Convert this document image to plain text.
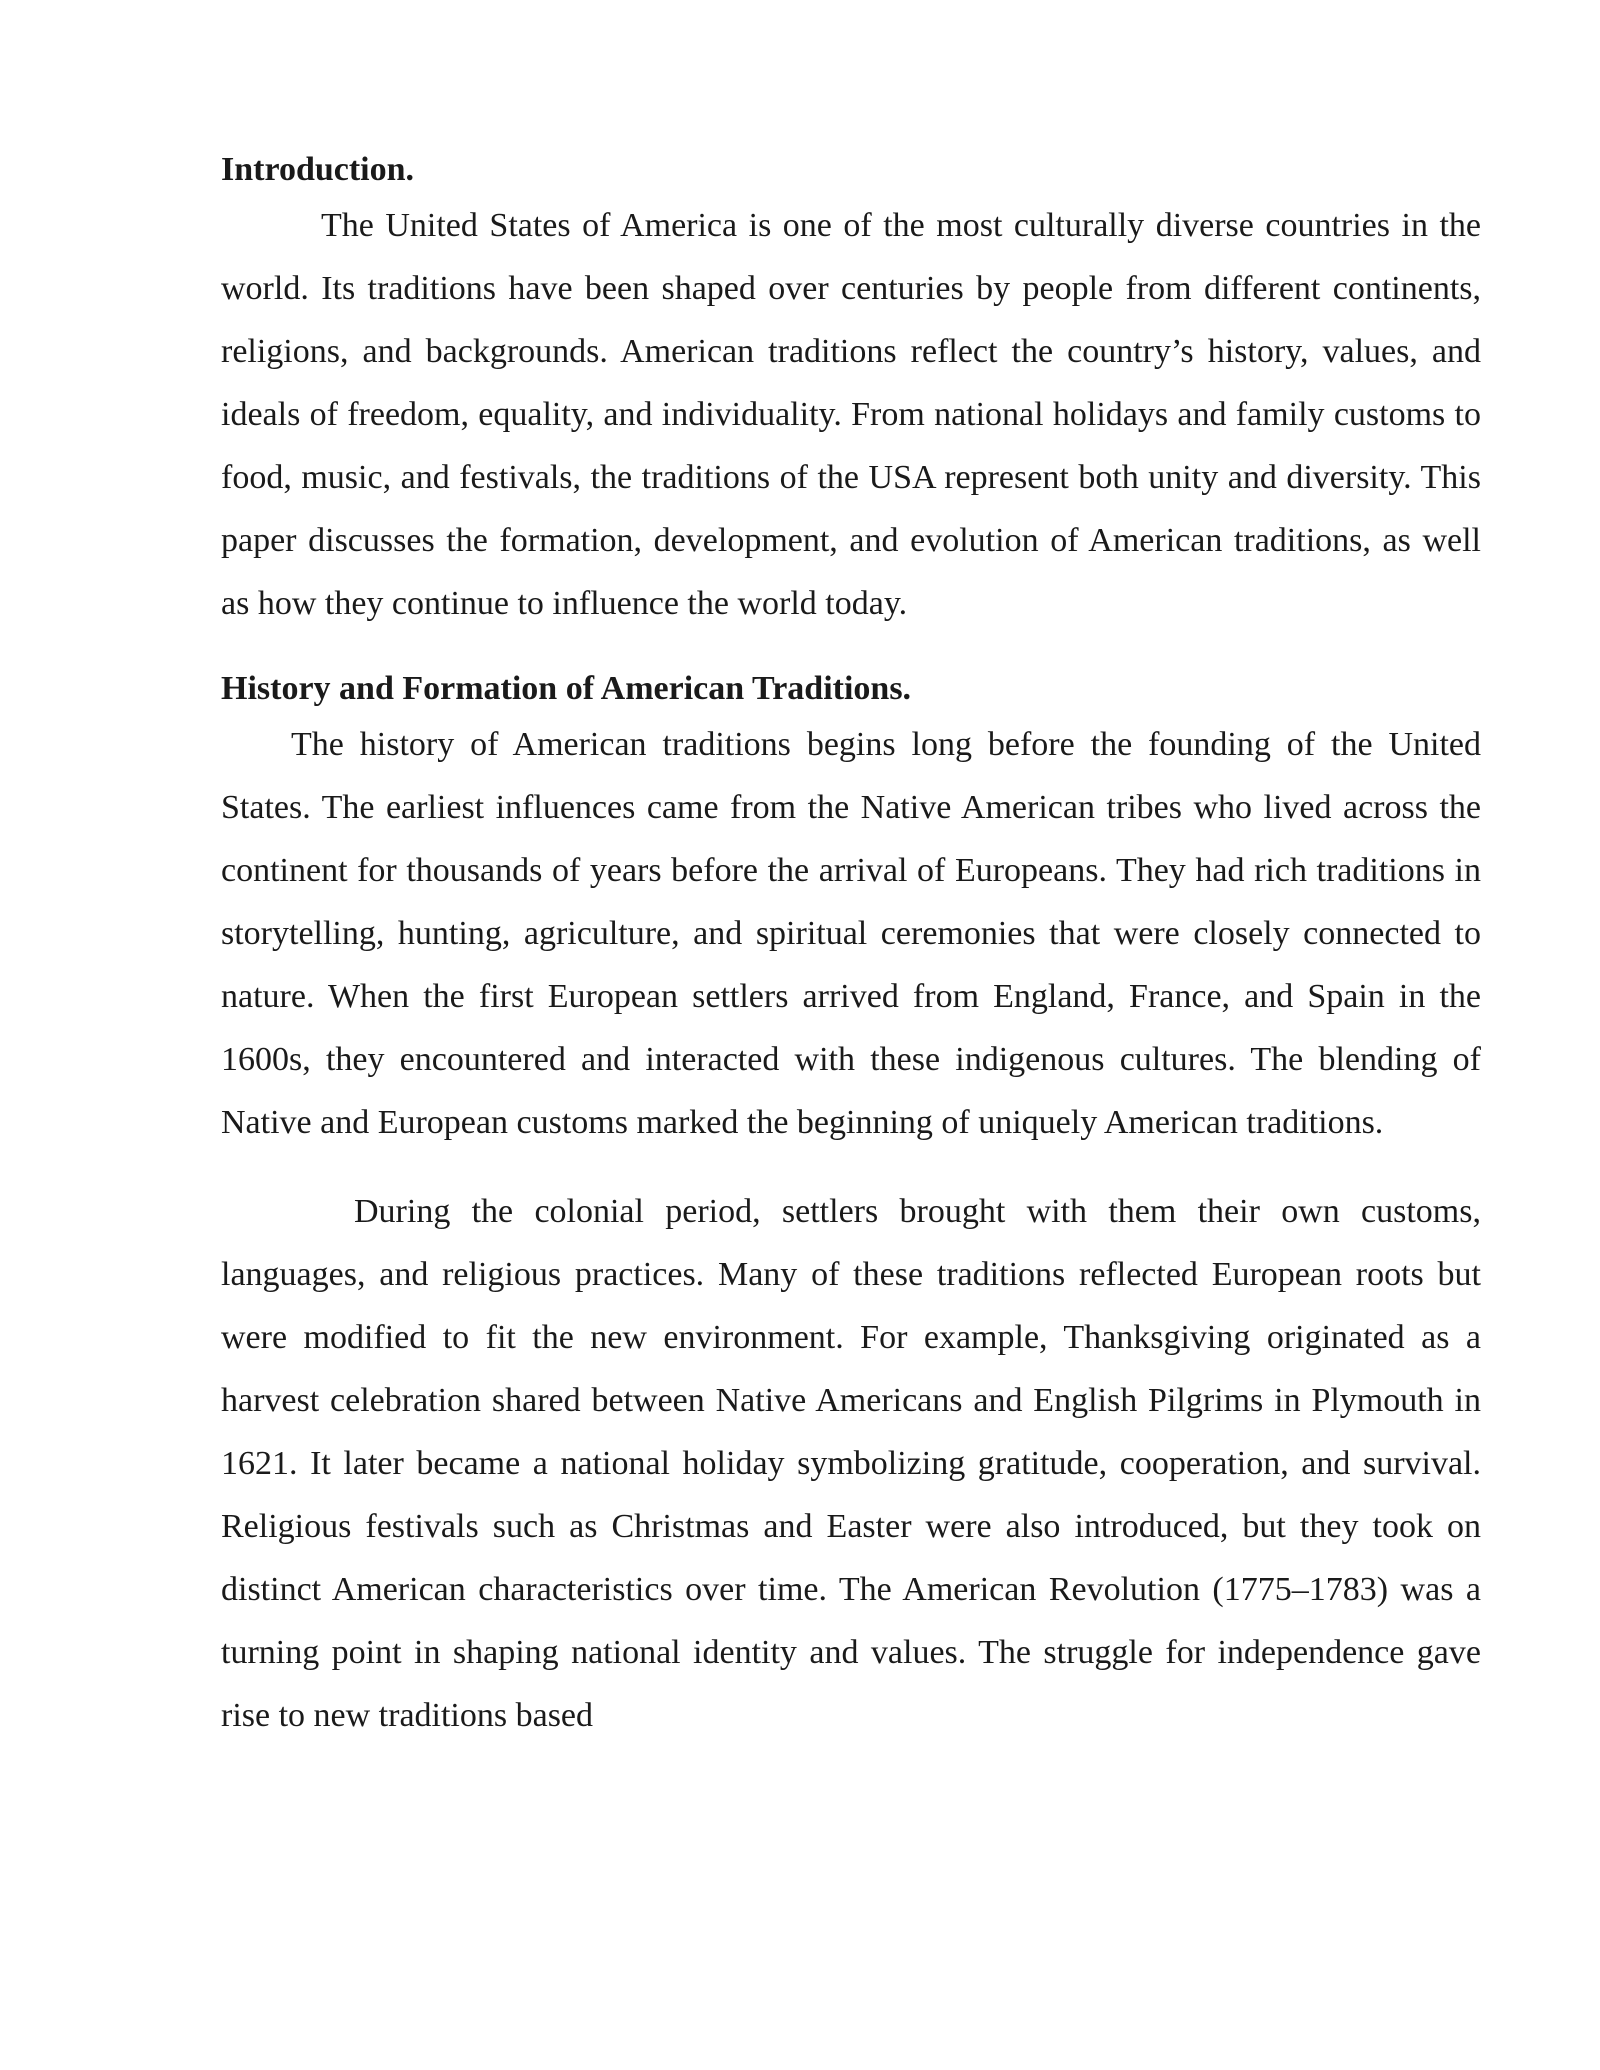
Introduction.

The United States of America is one of the most culturally diverse countries in the world. Its traditions have been shaped over centuries by people from different continents, religions, and backgrounds. American traditions reflect the country’s history, values, and ideals of freedom, equality, and individuality. From national holidays and family customs to food, music, and festivals, the traditions of the USA represent both unity and diversity. This paper discusses the formation, development, and evolution of American traditions, as well as how they continue to influence the world today.

History and Formation of American Traditions.

The history of American traditions begins long before the founding of the United States. The earliest influences came from the Native American tribes who lived across the continent for thousands of years before the arrival of Europeans. They had rich traditions in storytelling, hunting, agriculture, and spiritual ceremonies that were closely connected to nature. When the first European settlers arrived from England, France, and Spain in the 1600s, they encountered and interacted with these indigenous cultures. The blending of Native and European customs marked the beginning of uniquely American traditions.

During the colonial period, settlers brought with them their own customs, languages, and religious practices. Many of these traditions reflected European roots but were modified to fit the new environment. For example, Thanksgiving originated as a harvest celebration shared between Native Americans and English Pilgrims in Plymouth in 1621. It later became a national holiday symbolizing gratitude, cooperation, and survival. Religious festivals such as Christmas and Easter were also introduced, but they took on distinct American characteristics over time. The American Revolution (1775–1783) was a turning point in shaping national identity and values. The struggle for independence gave rise to new traditions based
